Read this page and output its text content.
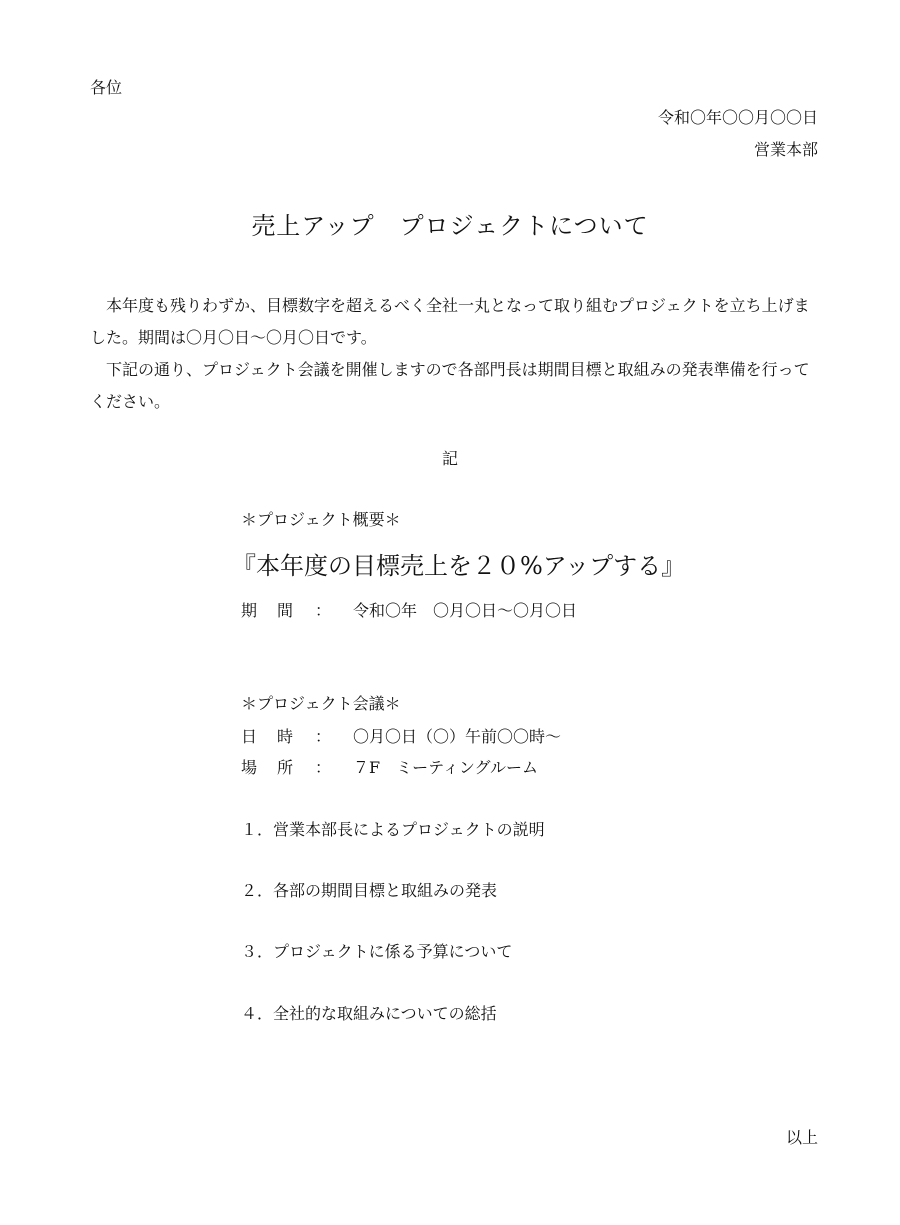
各位
令和〇年〇〇月〇〇日
営業本部
売上アップ　プロジェクトについて

本年度も残りわずか、目標数字を超えるべく全社一丸となって取り組むプロジェクトを立ち上げました。期間は〇月〇日～〇月〇日です。

下記の通り、プロジェクト会議を開催しますので各部門長は期間目標と取組みの発表準備を行ってください。

記
＊プロジェクト概要＊
『本年度の目標売上を２０%アップする』
期間 ： 令和〇年　〇月〇日～〇月〇日
＊プロジェクト会議＊
日時 ： 〇月〇日（〇）午前〇〇時～
場所 ： ７F　ミーティングルーム
１．営業本部長によるプロジェクトの説明
２．各部の期間目標と取組みの発表
３．プロジェクトに係る予算について
４．全社的な取組みについての総括
以上
